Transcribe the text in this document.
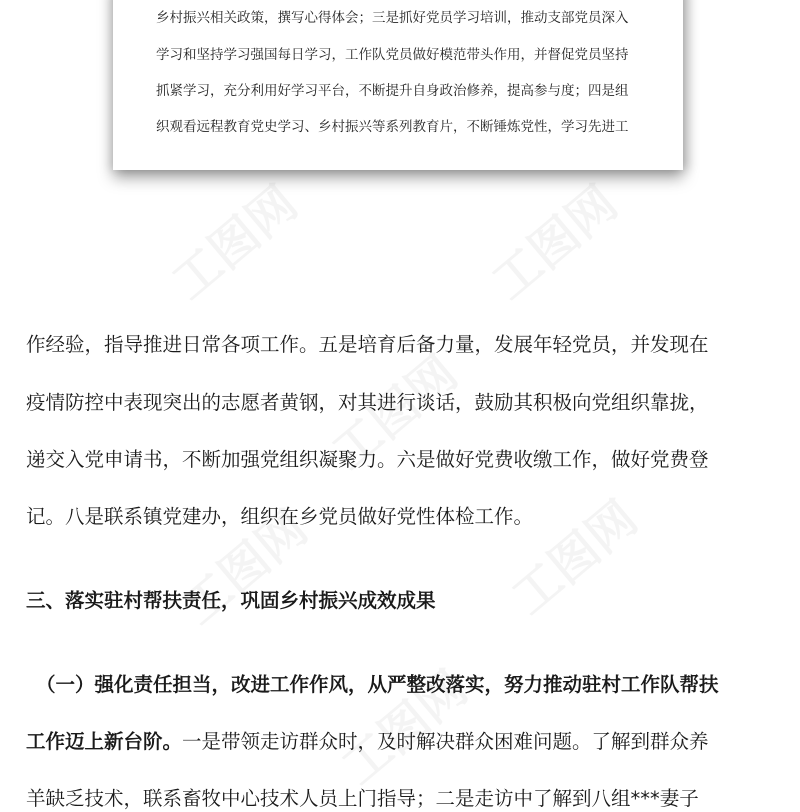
乡村振兴相关政策，撰写心得体会；三是抓好党员学习培训，推动支部党员深入
学习和坚持学习强国每日学习，工作队党员做好模范带头作用，并督促党员坚持
抓紧学习，充分利用好学习平台，不断提升自身政治修养，提高参与度；四是组
织观看远程教育党史学习、乡村振兴等系列教育片，不断锤炼党性，学习先进工
作经验，指导推进日常各项工作。五是培育后备力量，发展年轻党员，并发现在
疫情防控中表现突出的志愿者黄钢，对其进行谈话，鼓励其积极向党组织靠拢，
递交入党申请书，不断加强党组织凝聚力。六是做好党费收缴工作，做好党费登
记。八是联系镇党建办，组织在乡党员做好党性体检工作。
三、落实驻村帮扶责任，巩固乡村振兴成效成果
（一）强化责任担当，改进工作作风，从严整改落实，努力推动驻村工作队帮扶
工作迈上新台阶。一是带领走访群众时，及时解决群众困难问题。了解到群众养
羊缺乏技术，联系畜牧中心技术人员上门指导；二是走访中了解到八组***妻子
